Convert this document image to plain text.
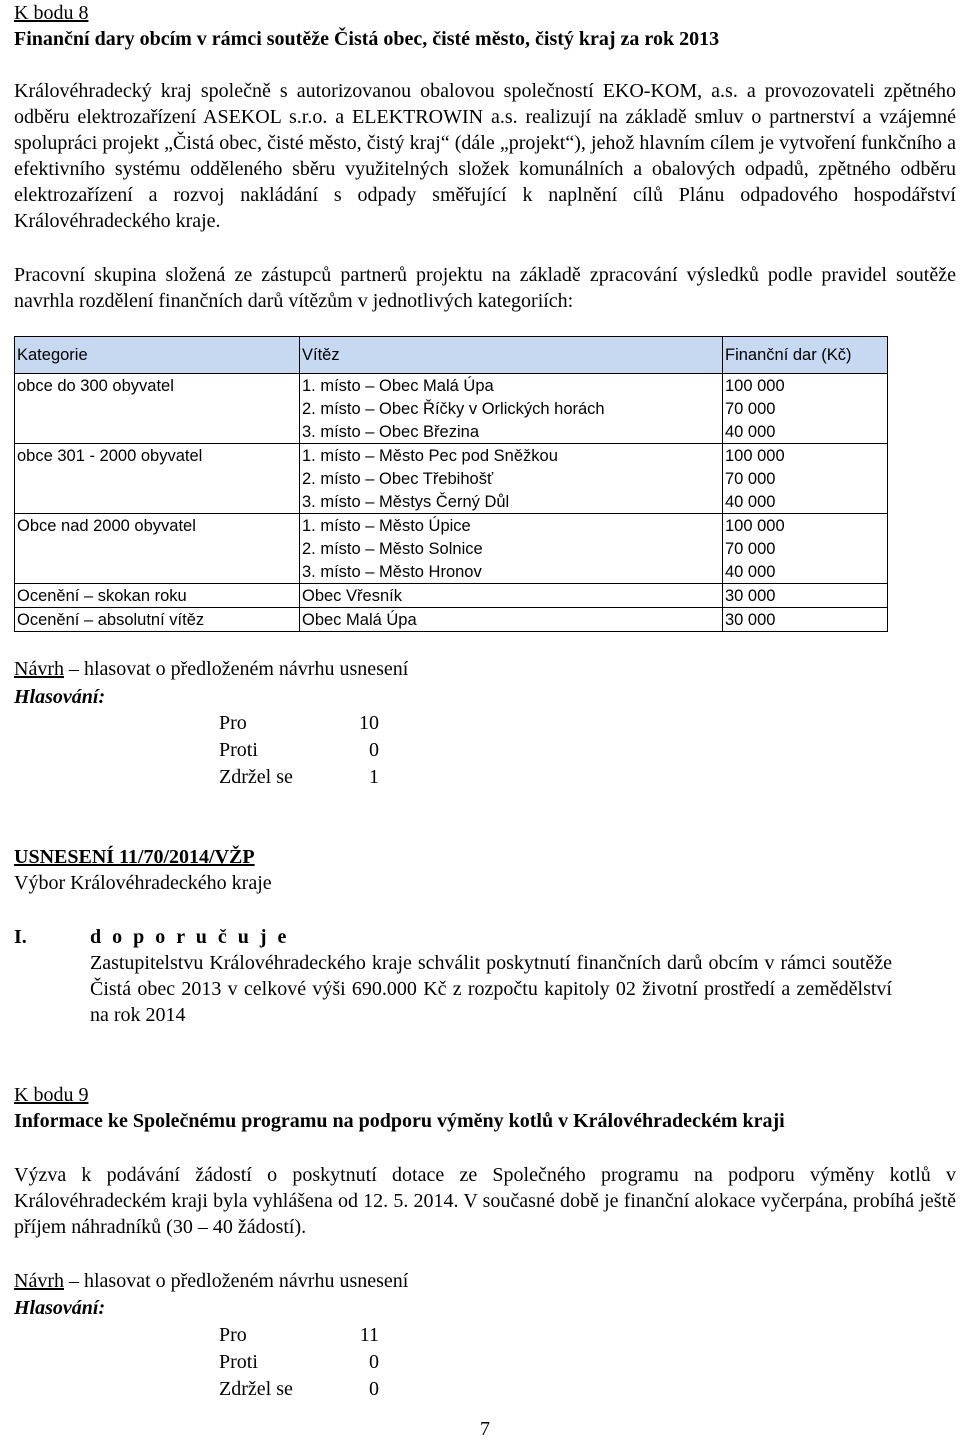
K bodu 8

Finanční dary obcím v rámci soutěže Čistá obec, čisté město, čistý kraj za rok 2013

Královéhradecký kraj společně s autorizovanou obalovou společností EKO-KOM, a.s. a provozovateli zpětného odběru elektrozařízení ASEKOL s.r.o. a ELEKTROWIN a.s. realizují na základě smluv o partnerství a vzájemné spolupráci projekt „Čistá obec, čisté město, čistý kraj“ (dále „projekt“), jehož hlavním cílem je vytvoření funkčního a efektivního systému odděleného sběru využitelných složek komunálních a obalových odpadů, zpětného odběru elektrozařízení a rozvoj nakládání s odpady směřující k naplnění cílů Plánu odpadového hospodářství Královéhradeckého kraje.

Pracovní skupina složená ze zástupců partnerů projektu na základě zpracování výsledků podle pravidel soutěže navrhla rozdělení finančních darů vítězům v jednotlivých kategoriích:

Kategorie	Vítěz	Finanční dar (Kč)
obce do 300 obyvatel	1. místo – Obec Malá Úpa	100 000
	2. místo – Obec Říčky v Orlických horách	70 000
	3. místo – Obec Březina	40 000
obce 301 - 2000 obyvatel	1. místo – Město Pec pod Sněžkou	100 000
	2. místo – Obec Třebihošť	70 000
	3. místo – Městys Černý Důl	40 000
Obce nad 2000 obyvatel	1. místo – Město Úpice	100 000
	2. místo – Město Solnice	70 000
	3. místo – Město Hronov	40 000
Ocenění – skokan roku	Obec Vřesník	30 000
Ocenění – absolutní vítěz	Obec Malá Úpa	30 000
Návrh – hlasovat o předloženém návrhu usnesení
Hlasování:
Pro	10
Proti	0
Zdržel se	1
USNESENÍ 11/70/2014/VŽP
Výbor Královéhradeckého kraje
I.	d o p o r u č u j e

Zastupitelstvu Královéhradeckého kraje schválit poskytnutí finančních darů obcím v rámci soutěže Čistá obec 2013 v celkové výši 690.000 Kč z rozpočtu kapitoly 02 životní prostředí a zemědělství na rok 2014

K bodu 9

Informace ke Společnému programu na podporu výměny kotlů v Královéhradeckém kraji

Výzva k podávání žádostí o poskytnutí dotace ze Společného programu na podporu výměny kotlů v Královéhradeckém kraji byla vyhlášena od 12. 5. 2014. V současné době je finanční alokace vyčerpána, probíhá ještě příjem náhradníků (30 – 40 žádostí).

Návrh – hlasovat o předloženém návrhu usnesení
Hlasování:
Pro	11
Proti	0
Zdržel se	0
7
